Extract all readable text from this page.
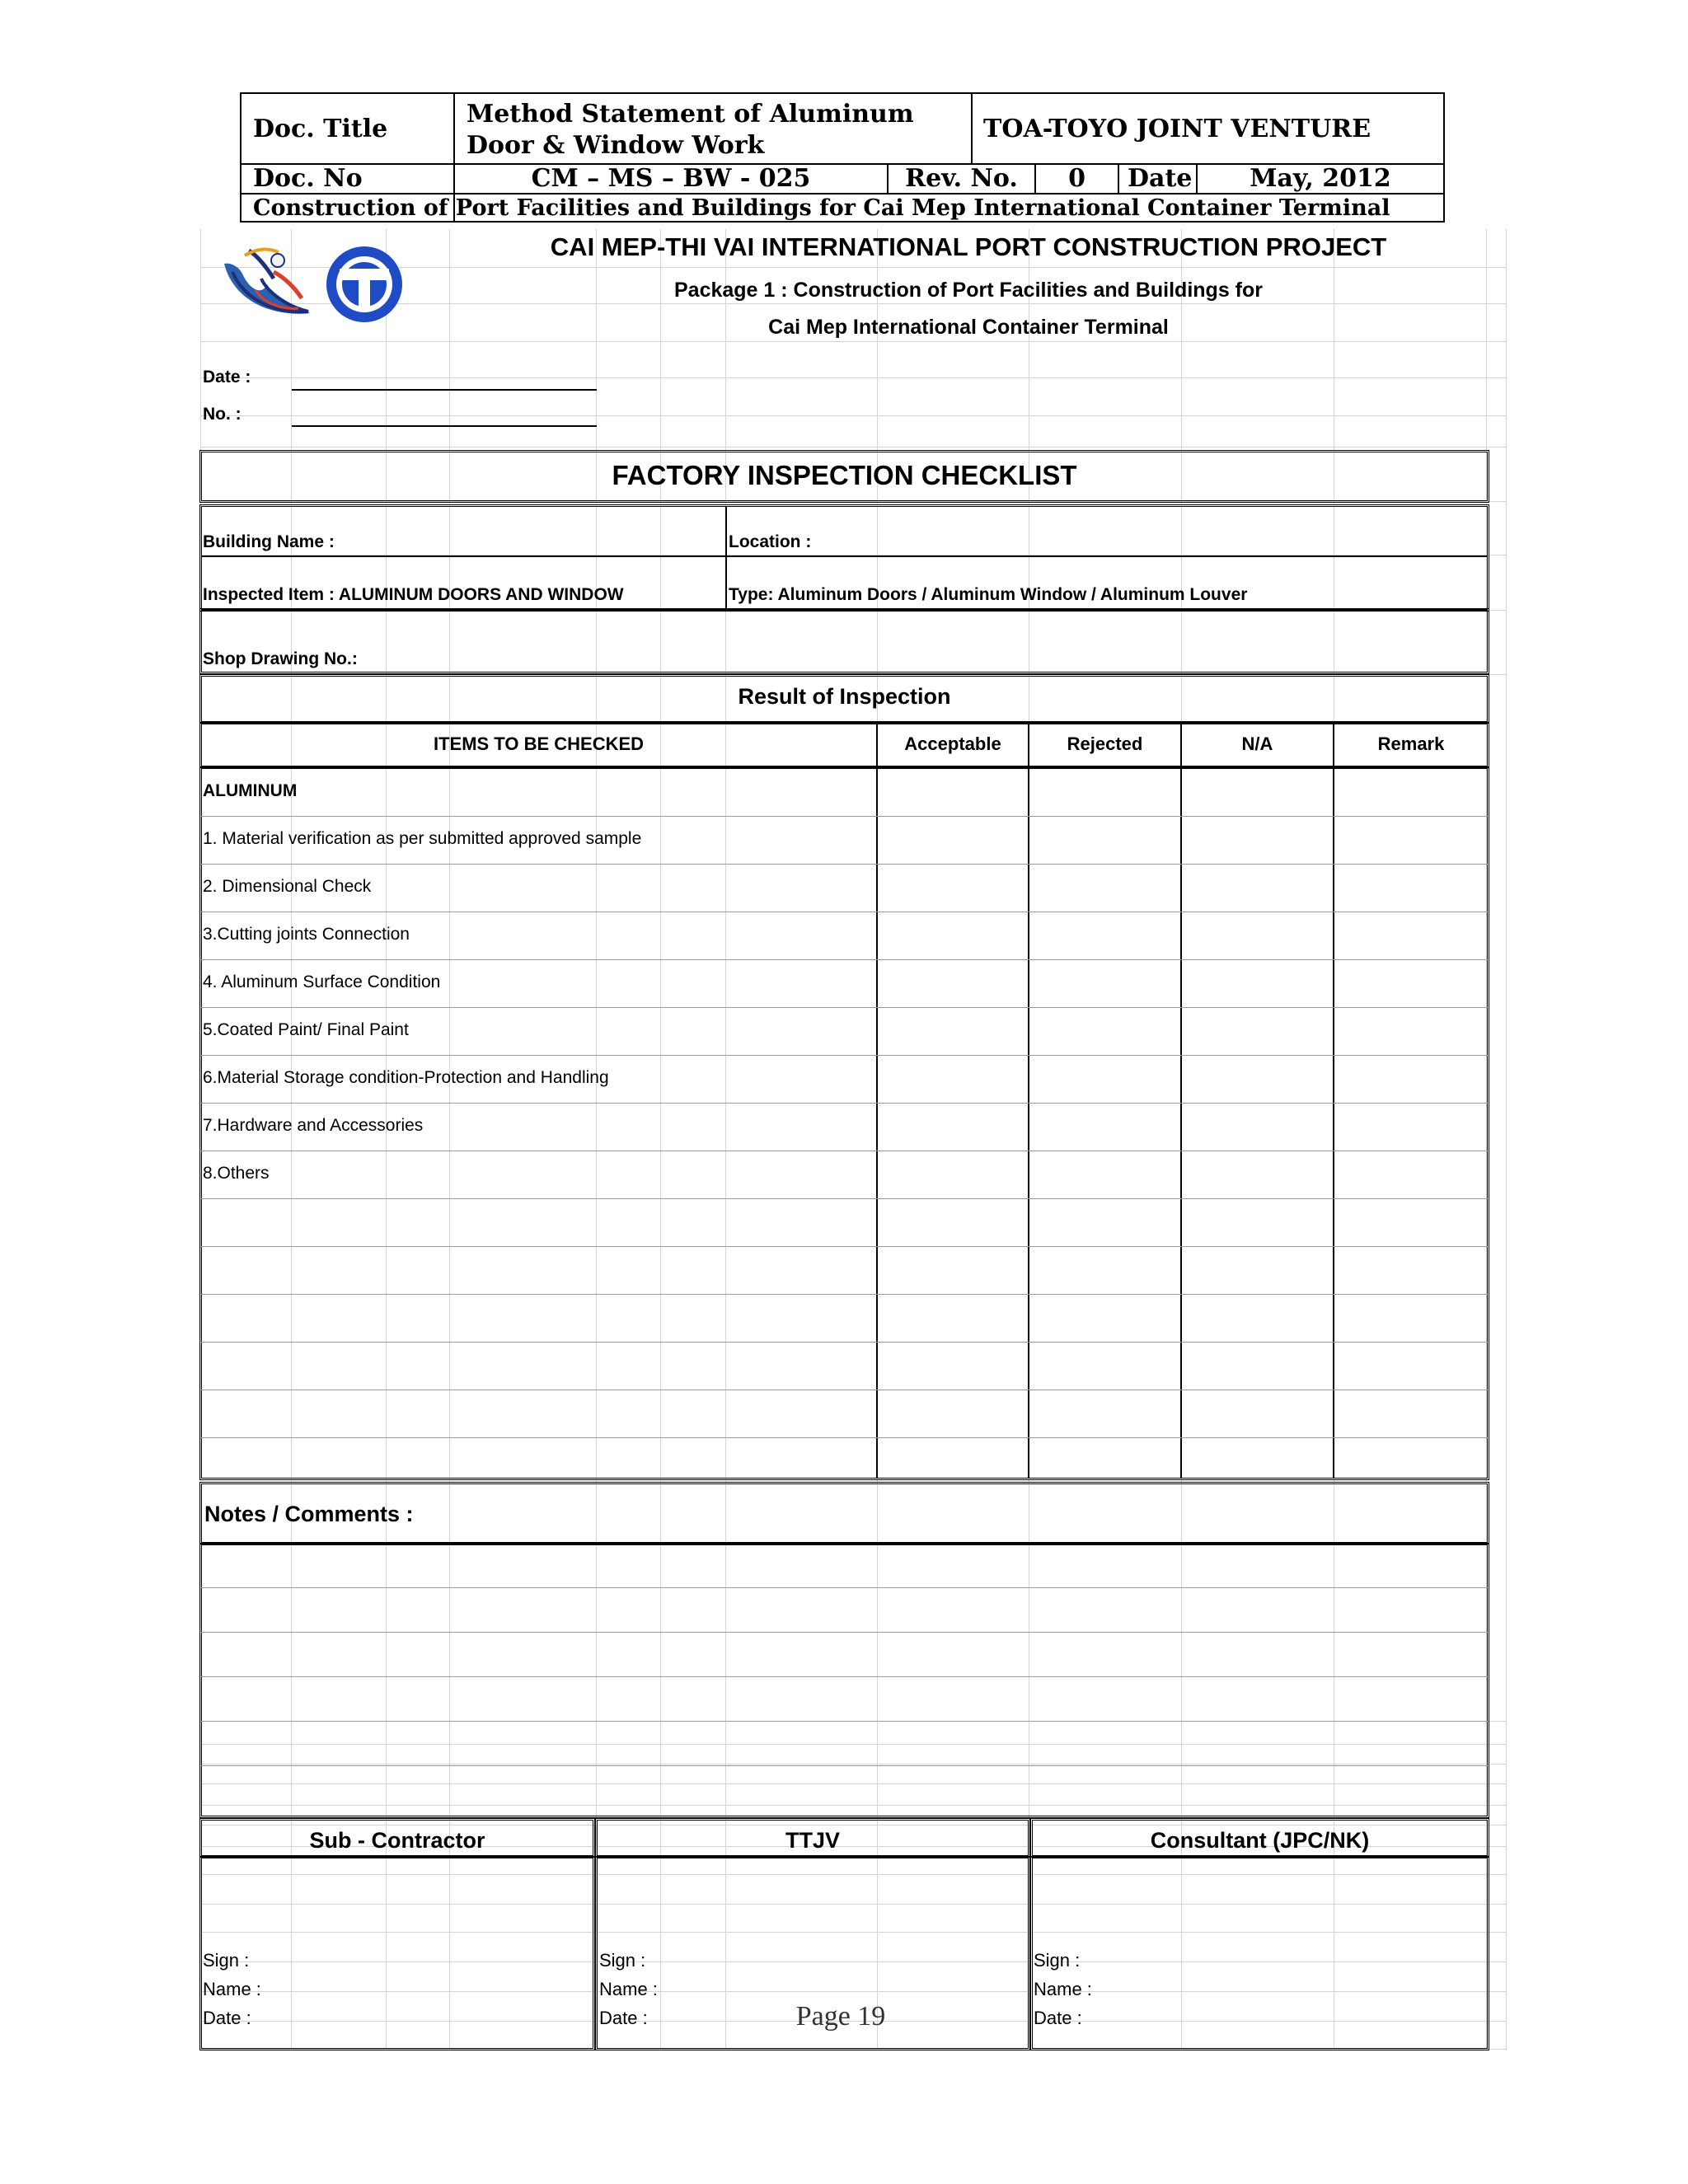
Doc. Title
Method Statement of Aluminum
Door & Window Work
TOA-TOYO JOINT VENTURE
Doc. No	CM – MS – BW - 025	Rev. No.	0	Date	May, 2012
Construction of Port Facilities and Buildings for Cai Mep International Container Terminal
CAI MEP-THI VAI INTERNATIONAL PORT CONSTRUCTION PROJECT
Package 1 : Construction of Port Facilities and Buildings for
Cai Mep International Container Terminal
Date :
No. :
FACTORY INSPECTION CHECKLIST
Building Name :	Location :
Inspected Item : ALUMINUM DOORS AND WINDOW	Type: Aluminum Doors / Aluminum Window / Aluminum Louver
Shop Drawing No.:
Result of Inspection
ITEMS TO BE CHECKED	Acceptable	Rejected	N/A	Remark
ALUMINUM
1. Material verification as per submitted approved sample
2. Dimensional Check
3.Cutting joints Connection
4. Aluminum Surface Condition
5.Coated Paint/ Final Paint
6.Material Storage condition-Protection and Handling
7.Hardware and Accessories
8.Others
Notes / Comments :
Sub - Contractor	TTJV	Consultant (JPC/NK)
Sign :
Name :
Date :
Sign :
Name :
Date :
Sign :
Name :
Date :
Page 19
